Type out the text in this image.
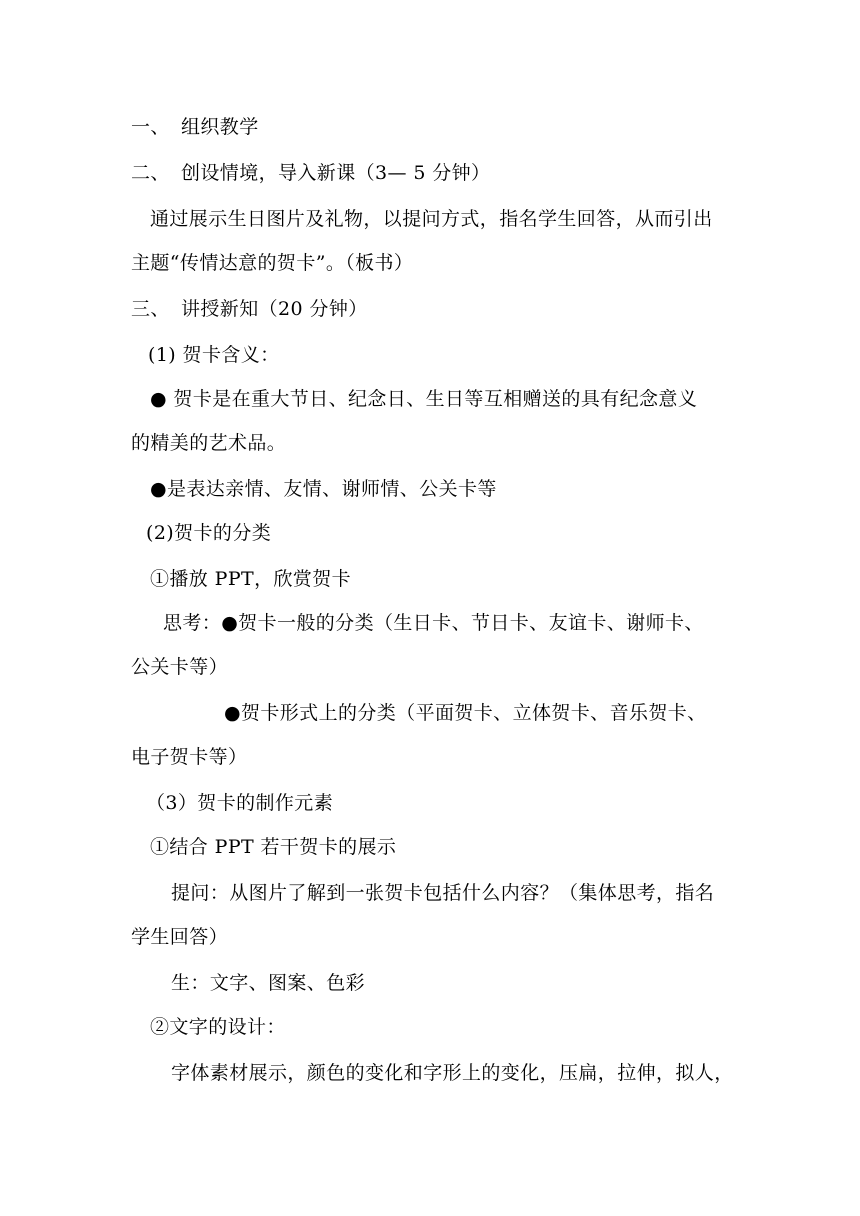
一、 组织教学
二、 创设情境，导入新课（3— 5 分钟）
通过展示生日图片及礼物，以提问方式，指名学生回答，从而引出
主题“传情达意的贺卡”。（板书）
三、 讲授新知（20 分钟）
(1) 贺卡含义：
● 贺卡是在重大节日、纪念日、生日等互相赠送的具有纪念意义
的精美的艺术品。
●是表达亲情、友情、谢师情、公关卡等
(2)贺卡的分类
①播放 PPT，欣赏贺卡
思考：●贺卡一般的分类（生日卡、节日卡、友谊卡、谢师卡、
公关卡等）
●贺卡形式上的分类（平面贺卡、立体贺卡、音乐贺卡、
电子贺卡等）
（3）贺卡的制作元素
①结合 PPT 若干贺卡的展示
提问：从图片了解到一张贺卡包括什么内容？（集体思考，指名
学生回答）
生：文字、图案、色彩
②文字的设计：
字体素材展示，颜色的变化和字形上的变化，压扁，拉伸，拟人，
